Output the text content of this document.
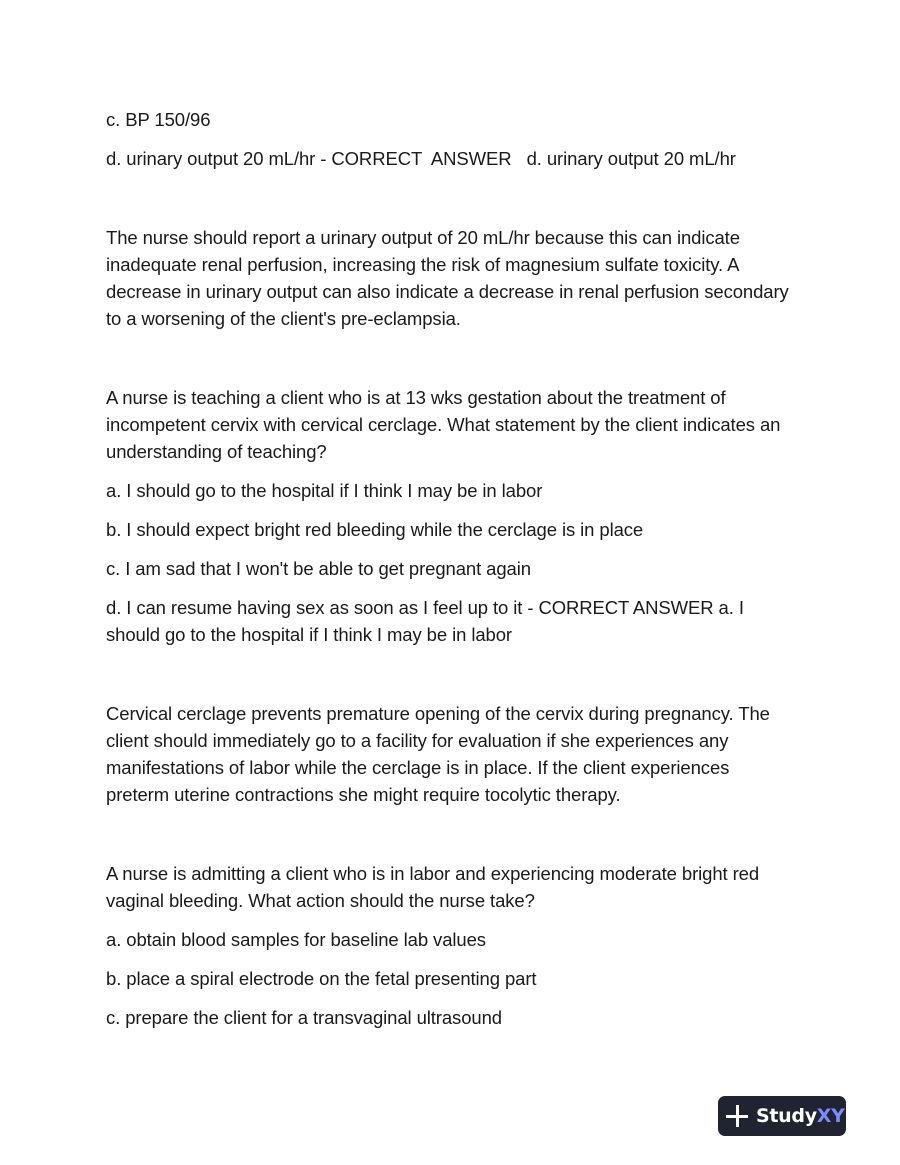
c. BP 150/96
d. urinary output 20 mL/hr - CORRECT  ANSWER   d. urinary output 20 mL/hr
The nurse should report a urinary output of 20 mL/hr because this can indicate inadequate renal perfusion, increasing the risk of magnesium sulfate toxicity. A decrease in urinary output can also indicate a decrease in renal perfusion secondary to a worsening of the client's pre-eclampsia.
A nurse is teaching a client who is at 13 wks gestation about the treatment of incompetent cervix with cervical cerclage. What statement by the client indicates an understanding of teaching?
a. I should go to the hospital if I think I may be in labor
b. I should expect bright red bleeding while the cerclage is in place
c. I am sad that I won't be able to get pregnant again
d. I can resume having sex as soon as I feel up to it - CORRECT ANSWER a. I should go to the hospital if I think I may be in labor
Cervical cerclage prevents premature opening of the cervix during pregnancy. The client should immediately go to a facility for evaluation if she experiences any manifestations of labor while the cerclage is in place. If the client experiences preterm uterine contractions she might require tocolytic therapy.
A nurse is admitting a client who is in labor and experiencing moderate bright red vaginal bleeding. What action should the nurse take?
a. obtain blood samples for baseline lab values
b. place a spiral electrode on the fetal presenting part
c. prepare the client for a transvaginal ultrasound
Study XY
